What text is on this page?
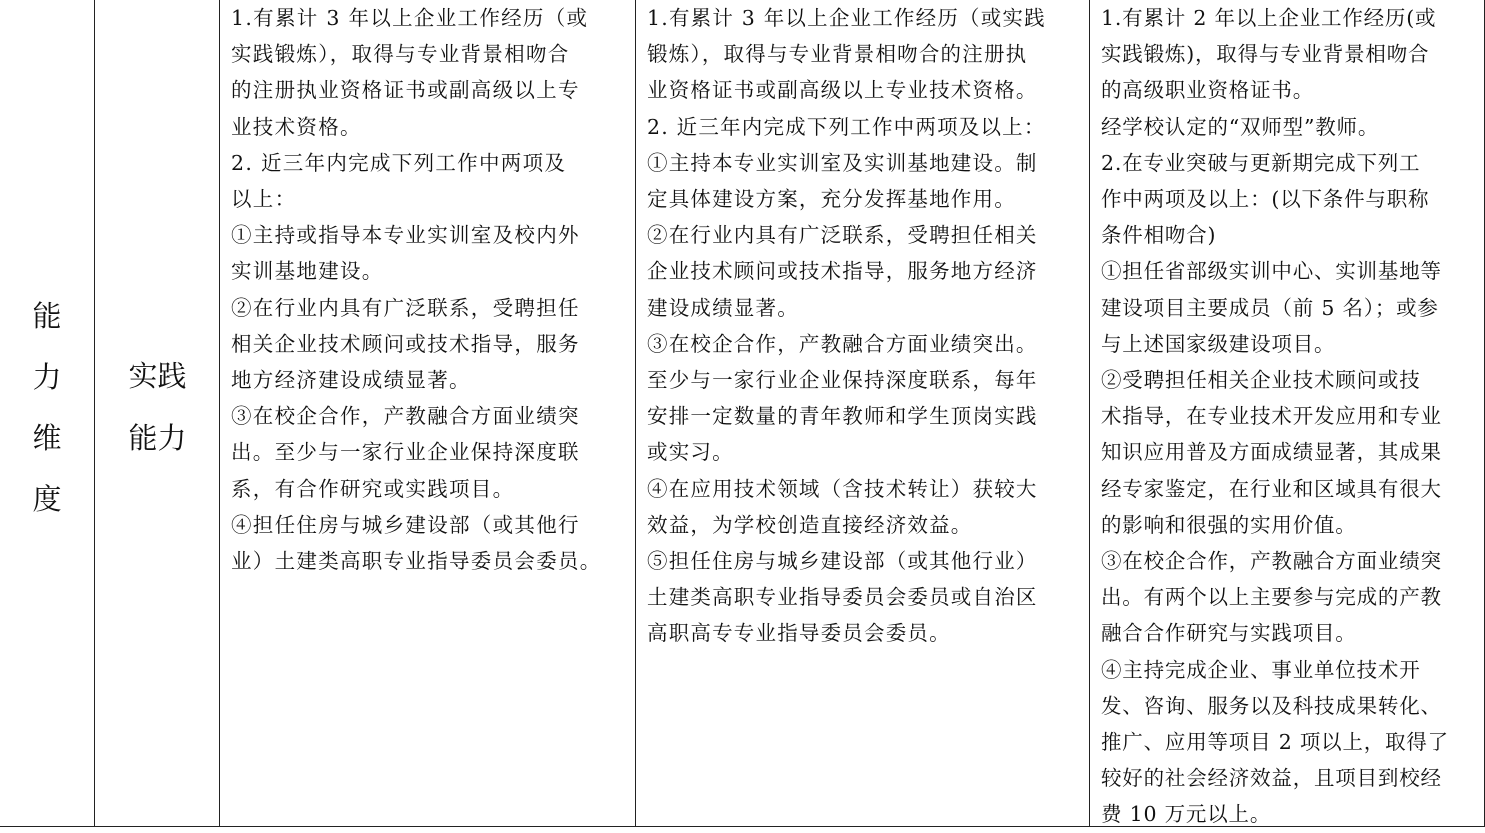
能
力
维
度
实践
能力
1.有累计 3 年以上企业工作经历（或
实践锻炼），取得与专业背景相吻合
的注册执业资格证书或副高级以上专
业技术资格。
2. 近三年内完成下列工作中两项及
以上：
①主持或指导本专业实训室及校内外
实训基地建设。
②在行业内具有广泛联系，受聘担任
相关企业技术顾问或技术指导，服务
地方经济建设成绩显著。
③在校企合作，产教融合方面业绩突
出。至少与一家行业企业保持深度联
系，有合作研究或实践项目。
④担任住房与城乡建设部（或其他行
业）土建类高职专业指导委员会委员。
1.有累计 3 年以上企业工作经历（或实践
锻炼），取得与专业背景相吻合的注册执
业资格证书或副高级以上专业技术资格。
2. 近三年内完成下列工作中两项及以上：
①主持本专业实训室及实训基地建设。制
定具体建设方案，充分发挥基地作用。
②在行业内具有广泛联系，受聘担任相关
企业技术顾问或技术指导，服务地方经济
建设成绩显著。
③在校企合作，产教融合方面业绩突出。
至少与一家行业企业保持深度联系，每年
安排一定数量的青年教师和学生顶岗实践
或实习。
④在应用技术领域（含技术转让）获较大
效益，为学校创造直接经济效益。
⑤担任住房与城乡建设部（或其他行业）
土建类高职专业指导委员会委员或自治区
高职高专专业指导委员会委员。
1.有累计 2 年以上企业工作经历(或
实践锻炼)，取得与专业背景相吻合
的高级职业资格证书。
经学校认定的“双师型”教师。
2.在专业突破与更新期完成下列工
作中两项及以上：(以下条件与职称
条件相吻合)
①担任省部级实训中心、实训基地等
建设项目主要成员（前 5 名）；或参
与上述国家级建设项目。
②受聘担任相关企业技术顾问或技
术指导，在专业技术开发应用和专业
知识应用普及方面成绩显著，其成果
经专家鉴定，在行业和区域具有很大
的影响和很强的实用价值。
③在校企合作，产教融合方面业绩突
出。有两个以上主要参与完成的产教
融合合作研究与实践项目。
④主持完成企业、事业单位技术开
发、咨询、服务以及科技成果转化、
推广、应用等项目 2 项以上，取得了
较好的社会经济效益，且项目到校经
费 10 万元以上。
